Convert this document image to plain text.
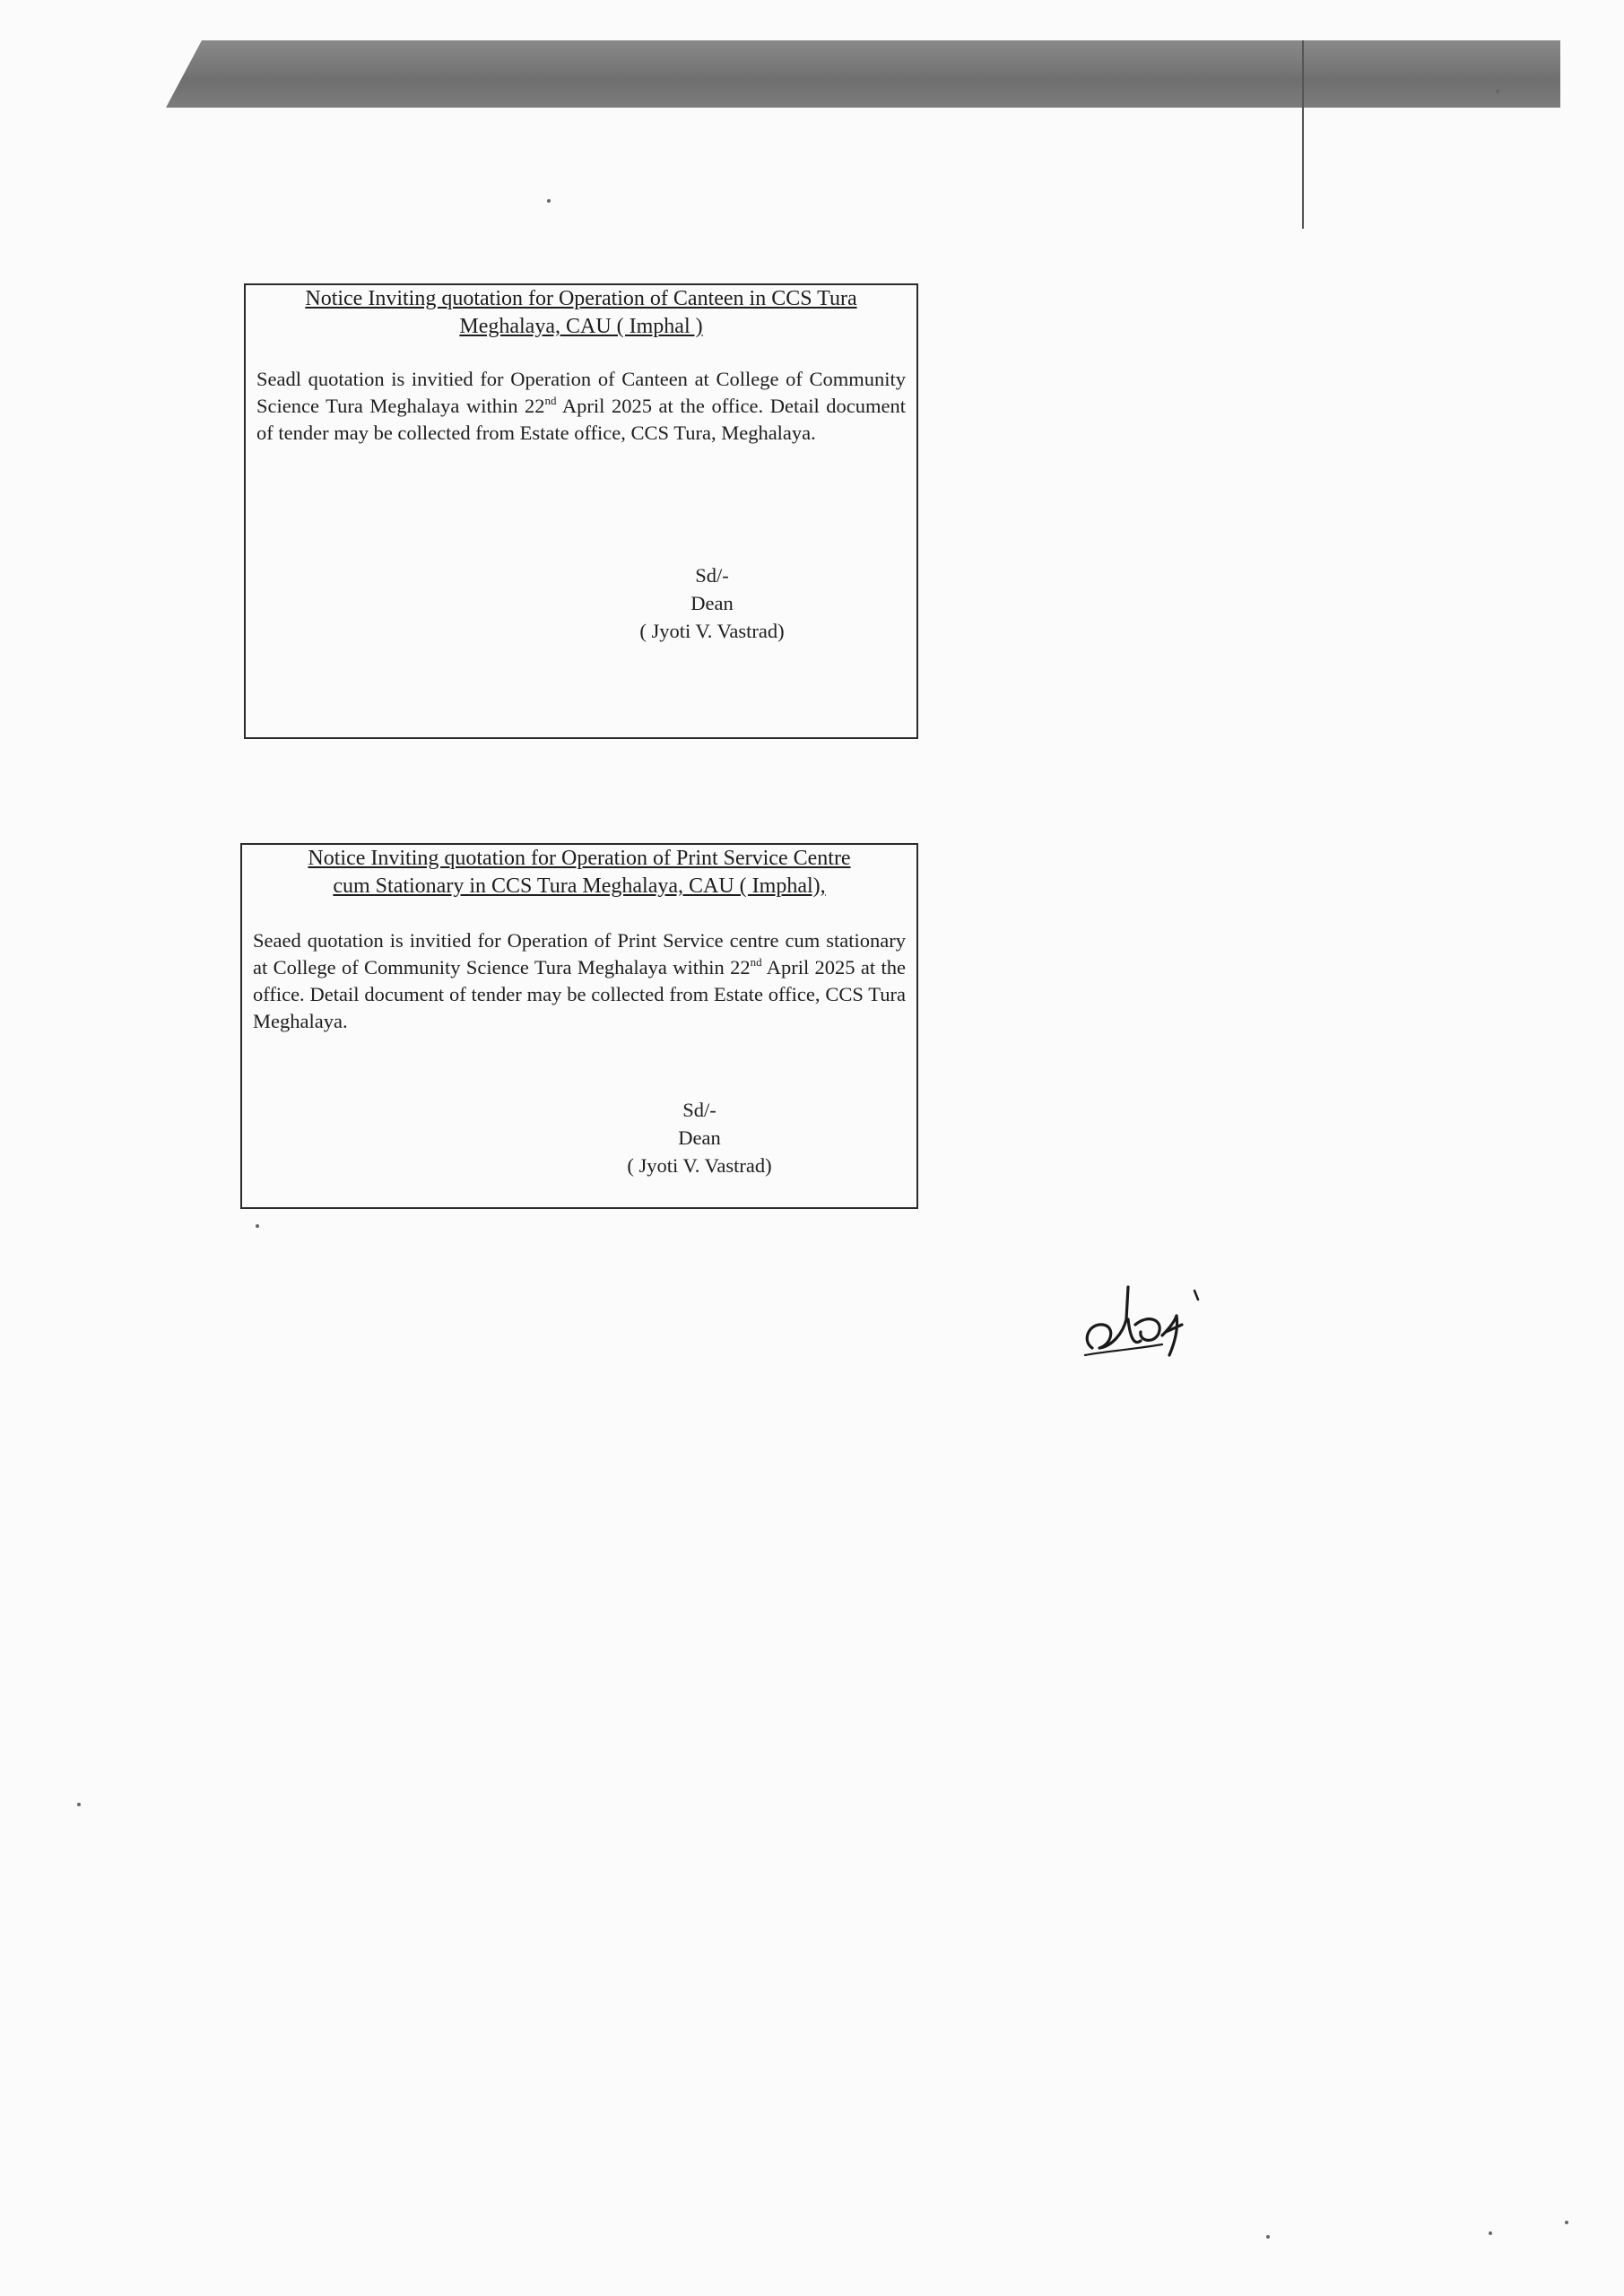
Notice Inviting quotation for Operation of Canteen in CCS Tura
Meghalaya, CAU ( Imphal )

Seadl quotation is invitied for Operation of Canteen at College of Community Science Tura Meghalaya within 22nd April 2025 at the office. Detail document of tender may be collected from Estate office, CCS Tura, Meghalaya.

Sd/-
Dean
( Jyoti V. Vastrad)

Notice Inviting quotation for Operation of Print Service Centre
cum Stationary in CCS Tura Meghalaya, CAU ( Imphal),

Seaed quotation is invitied for Operation of Print Service centre cum stationary at College of Community Science Tura Meghalaya within 22nd April 2025 at the office. Detail document of tender may be collected from Estate office, CCS Tura Meghalaya.

Sd/-
Dean
( Jyoti V. Vastrad)
